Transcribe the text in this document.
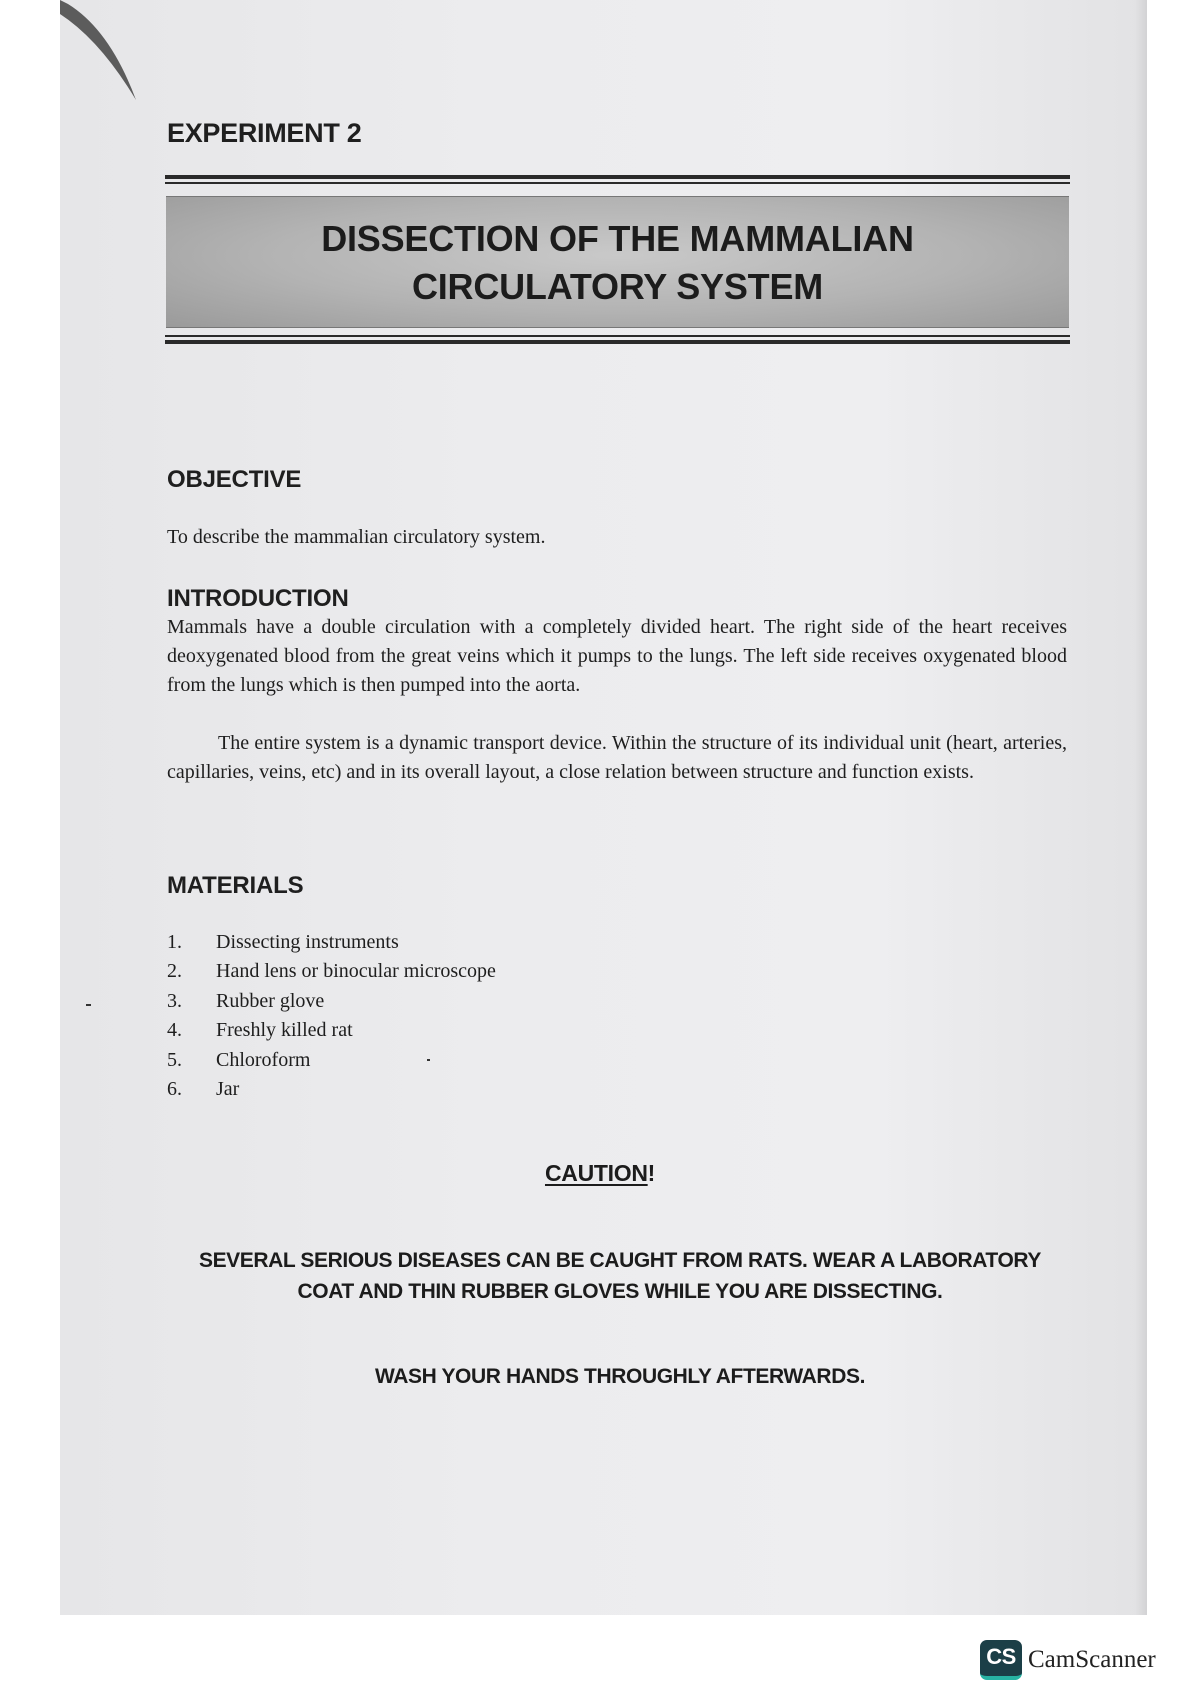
EXPERIMENT 2
DISSECTION OF THE MAMMALIAN
CIRCULATORY SYSTEM
OBJECTIVE
To describe the mammalian circulatory system.
INTRODUCTION
Mammals have a double circulation with a completely divided heart. The right side of the heart receives deoxygenated blood from the great veins which it pumps to the lungs. The left side receives oxygenated blood from the lungs which is then pumped into the aorta.
The entire system is a dynamic transport device. Within the structure of its individual unit (heart, arteries, capillaries, veins, etc) and in its overall layout, a close relation between structure and function exists.
MATERIALS
1.	Dissecting instruments
2.	Hand lens or binocular microscope
3.	Rubber glove
4.	Freshly killed rat
5.	Chloroform
6.	Jar
CAUTION!
SEVERAL SERIOUS DISEASES CAN BE CAUGHT FROM RATS. WEAR A LABORATORY
COAT AND THIN RUBBER GLOVES WHILE YOU ARE DISSECTING.
WASH YOUR HANDS THROUGHLY AFTERWARDS.
CS CamScanner
